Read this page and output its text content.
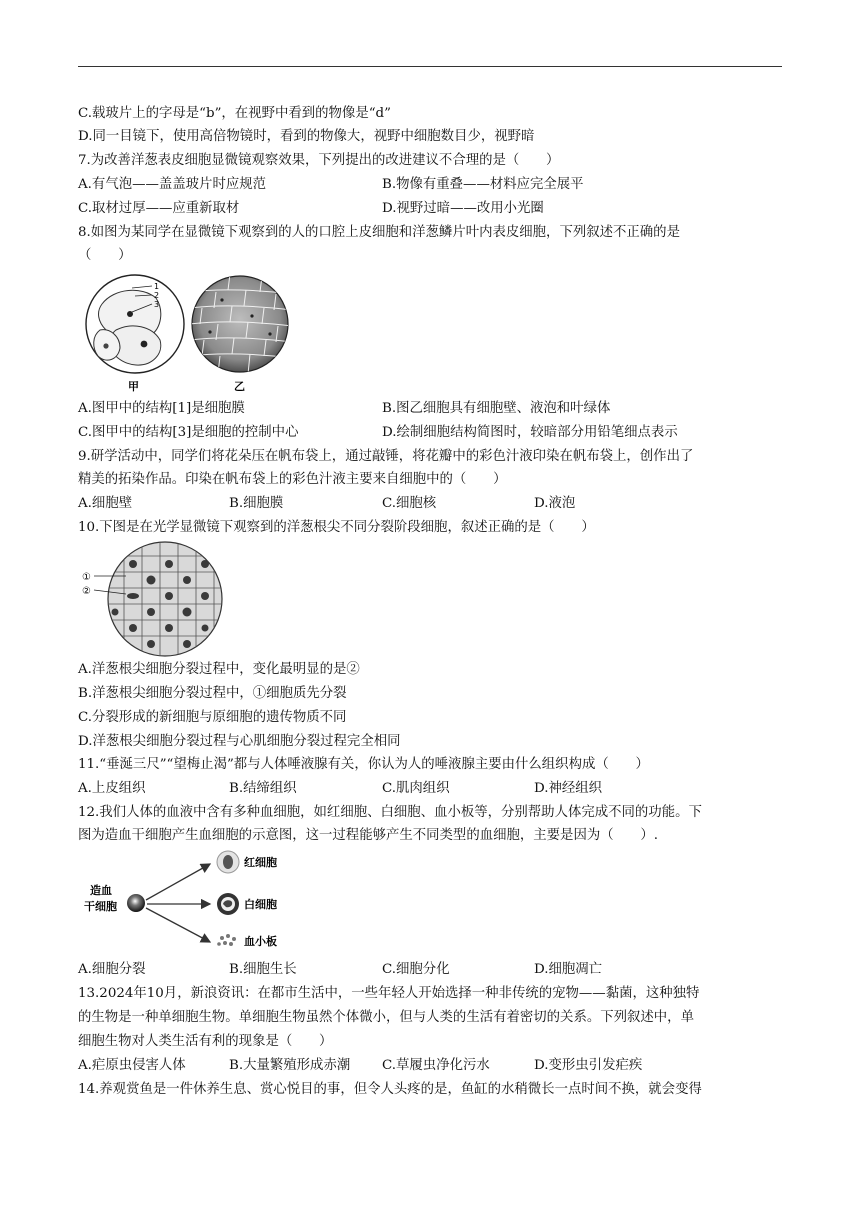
C.载玻片上的字母是“b”，在视野中看到的物像是“d”
D.同一目镜下，使用高倍物镜时，看到的物像大，视野中细胞数目少，视野暗
7.为改善洋葱表皮细胞显微镜观察效果，下列提出的改进建议不合理的是（　　）
A.有气泡——盖盖玻片时应规范	B.物像有重叠——材料应完全展平
C.取材过厚——应重新取材	D.视野过暗——改用小光圈
8.如图为某同学在显微镜下观察到的人的口腔上皮细胞和洋葱鳞片叶内表皮细胞，下列叙述不正确的是
（　　）
1
2
3
甲	乙
A.图甲中的结构[1]是细胞膜	B.图乙细胞具有细胞壁、液泡和叶绿体
C.图甲中的结构[3]是细胞的控制中心	D.绘制细胞结构简图时，较暗部分用铅笔细点表示
9.研学活动中，同学们将花朵压在帆布袋上，通过敲锤，将花瓣中的彩色汁液印染在帆布袋上，创作出了
精美的拓染作品。印染在帆布袋上的彩色汁液主要来自细胞中的（　　）
A.细胞壁	B.细胞膜	C.细胞核	D.液泡
10.下图是在光学显微镜下观察到的洋葱根尖不同分裂阶段细胞，叙述正确的是（　　）
①
②
A.洋葱根尖细胞分裂过程中，变化最明显的是②
B.洋葱根尖细胞分裂过程中，①细胞质先分裂
C.分裂形成的新细胞与原细胞的遗传物质不同
D.洋葱根尖细胞分裂过程与心肌细胞分裂过程完全相同
11.“垂涎三尺”“望梅止渴”都与人体唾液腺有关，你认为人的唾液腺主要由什么组织构成（　　）
A.上皮组织	B.结缔组织	C.肌肉组织	D.神经组织
12.我们人体的血液中含有多种血细胞，如红细胞、白细胞、血小板等，分别帮助人体完成不同的功能。下
图为造血干细胞产生血细胞的示意图，这一过程能够产生不同类型的血细胞，主要是因为（　　）.
造血
干细胞
红细胞
白细胞
血小板
A.细胞分裂	B.细胞生长	C.细胞分化	D.细胞凋亡
13.2024年10月，新浪资讯：在都市生活中，一些年轻人开始选择一种非传统的宠物——黏菌，这种独特
的生物是一种单细胞生物。单细胞生物虽然个体微小，但与人类的生活有着密切的关系。下列叙述中，单
细胞生物对人类生活有利的现象是（　　）
A.疟原虫侵害人体	B.大量繁殖形成赤潮 C.草履虫净化污水	D.变形虫引发疟疾
14.养观赏鱼是一件休养生息、赏心悦目的事，但令人头疼的是，鱼缸的水稍微长一点时间不换，就会变得
